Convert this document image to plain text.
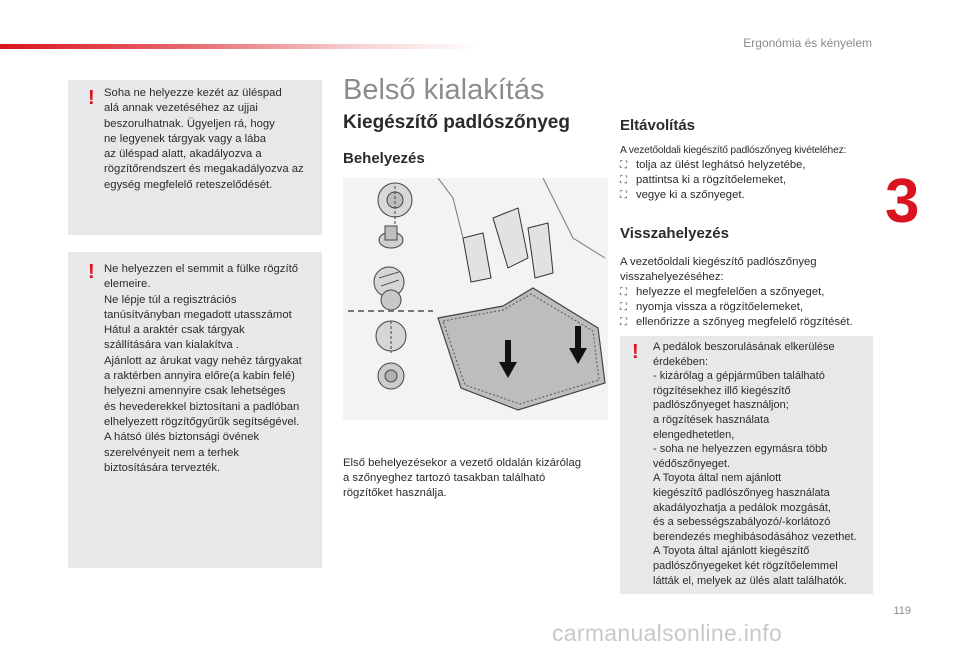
Ergonómia és kényelem
3
! Soha ne helyezze kezét az üléspad
alá annak vezetéséhez az ujjai
beszorulhatnak. Ügyeljen rá, hogy
ne legyenek tárgyak vagy a lába
az üléspad alatt, akadályozva a
rögzítőrendszert és megakadályozva az
egység megfelelő reteszelődését.
! Ne helyezzen el semmit a fülke rögzítő
elemeire.
Ne lépje túl a regisztrációs
tanúsítványban megadott utasszámot
Hátul a araktér csak tárgyak
szállítására van kialakítva .
Ajánlott az árukat vagy nehéz tárgyakat
a raktérben annyira előre(a kabin felé)
helyezni amennyire csak lehetséges
és hevederekkel biztosítani a padlóban
elhelyezett rögzítőgyűrűk segítségével.
A hátsó ülés biztonsági övének
szerelvényeit nem a terhek
biztosítására tervezték.
Belső kialakítás
Kiegészítő padlószőnyeg
Behelyezés
Első behelyezésekor a vezető oldalán kizárólag
a szőnyeghez tartozó tasakban található
rögzítőket használja.
Eltávolítás
A vezetőoldali kiegészítő padlószőnyeg kivételéhez:
⛶ tolja az ülést leghátsó helyzetébe,
⛶ pattintsa ki a rögzítőelemeket,
⛶ vegye ki a szőnyeget.
Visszahelyezés
A vezetőoldali kiegészítő padlószőnyeg
visszahelyezéséhez:
⛶ helyezze el megfelelően a szőnyeget,
⛶ nyomja vissza a rögzítőelemeket,
⛶ ellenőrizze a szőnyeg megfelelő rögzítését.
! A pedálok beszorulásának elkerülése
érdekében:
- kizárólag a gépjárműben található
rögzítésekhez illő kiegészítő
padlószőnyeget használjon;
a rögzítések használata
elengedhetetlen,
- soha ne helyezzen egymásra több
védőszőnyeget.
A Toyota által nem ajánlott
kiegészítő padlószőnyeg használata
akadályozhatja a pedálok mozgását,
és a sebességszabályozó/-korlátozó
berendezés meghibásodásához vezethet.
A Toyota által ajánlott kiegészítő
padlószőnyegeket két rögzítőelemmel
látták el, melyek az ülés alatt találhatók.
119
carmanualsonline.info
